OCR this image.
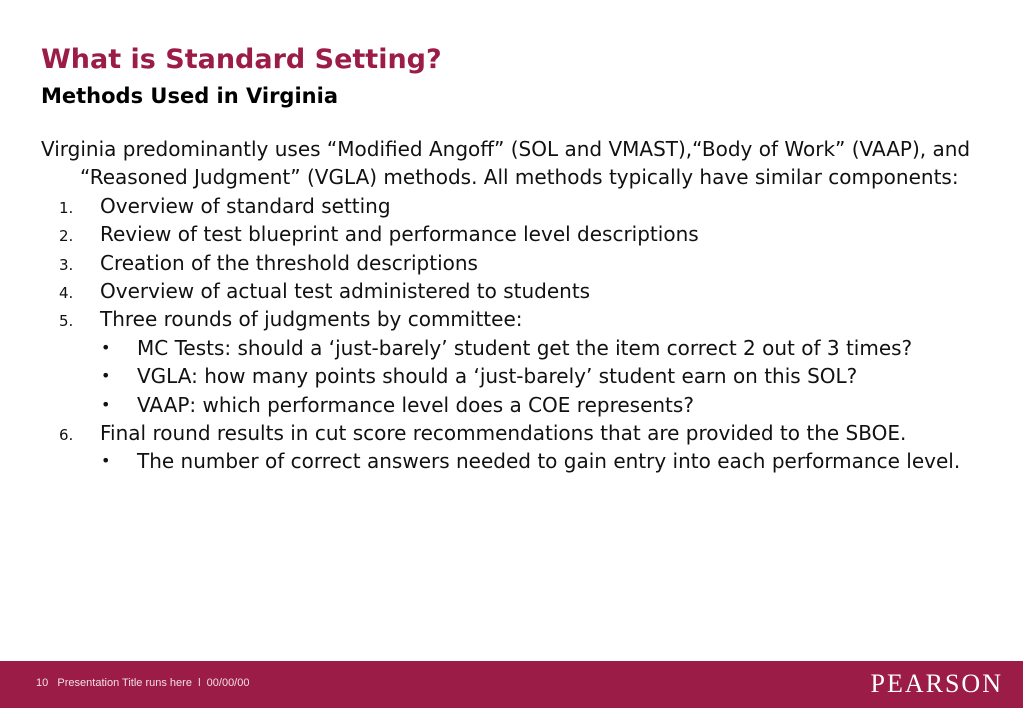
What is Standard Setting?
Methods Used in Virginia

Virginia predominantly uses “Modified Angoff” (SOL and VMAST),“Body of Work” (VAAP), and “Reasoned Judgment” (VGLA) methods. All methods typically have similar components:

1. Overview of standard setting
2. Review of test blueprint and performance level descriptions
3. Creation of the threshold descriptions
4. Overview of actual test administered to students
5. Three rounds of judgments by committee:
• MC Tests: should a ‘just-barely’ student get the item correct 2 out of 3 times?
• VGLA: how many points should a ‘just-barely’ student earn on this SOL?
• VAAP: which performance level does a COE represents?
6. Final round results in cut score recommendations that are provided to the SBOE.
• The number of correct answers needed to gain entry into each performance level.
10 Presentation Title runs here l 00/00/00	PEARSON
